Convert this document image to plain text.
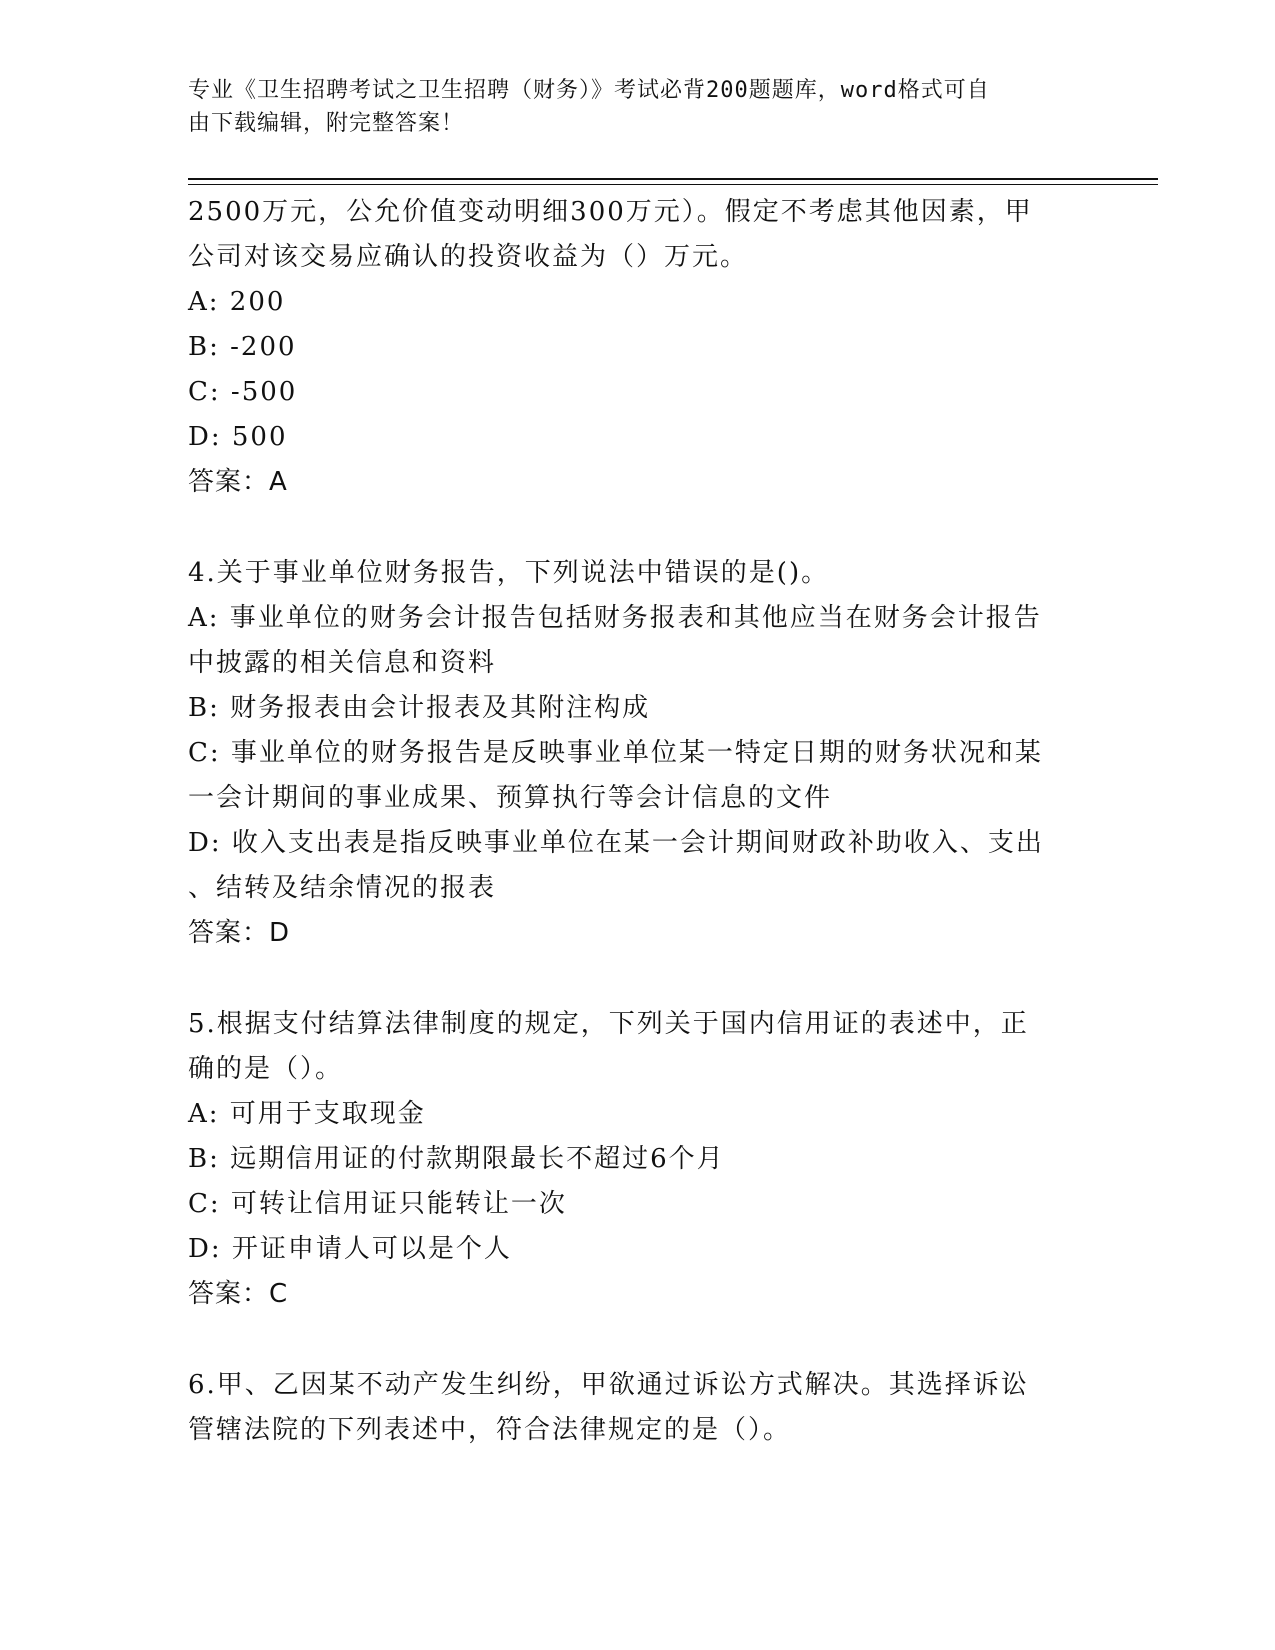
专业《卫生招聘考试之卫生招聘（财务）》考试必背200题题库，word格式可自
由下载编辑，附完整答案！
2500万元，公允价值变动明细300万元）。假定不考虑其他因素，甲
公司对该交易应确认的投资收益为（）万元。
A: 200
B: -200
C: -500
D: 500
答案：A
4.关于事业单位财务报告，下列说法中错误的是()。
A: 事业单位的财务会计报告包括财务报表和其他应当在财务会计报告
中披露的相关信息和资料
B: 财务报表由会计报表及其附注构成
C: 事业单位的财务报告是反映事业单位某一特定日期的财务状况和某
一会计期间的事业成果、预算执行等会计信息的文件
D: 收入支出表是指反映事业单位在某一会计期间财政补助收入、支出
、结转及结余情况的报表
答案：D
5.根据支付结算法律制度的规定，下列关于国内信用证的表述中，正
确的是（）。
A: 可用于支取现金
B: 远期信用证的付款期限最长不超过6个月
C: 可转让信用证只能转让一次
D: 开证申请人可以是个人
答案：C
6.甲、乙因某不动产发生纠纷，甲欲通过诉讼方式解决。其选择诉讼
管辖法院的下列表述中，符合法律规定的是（）。
